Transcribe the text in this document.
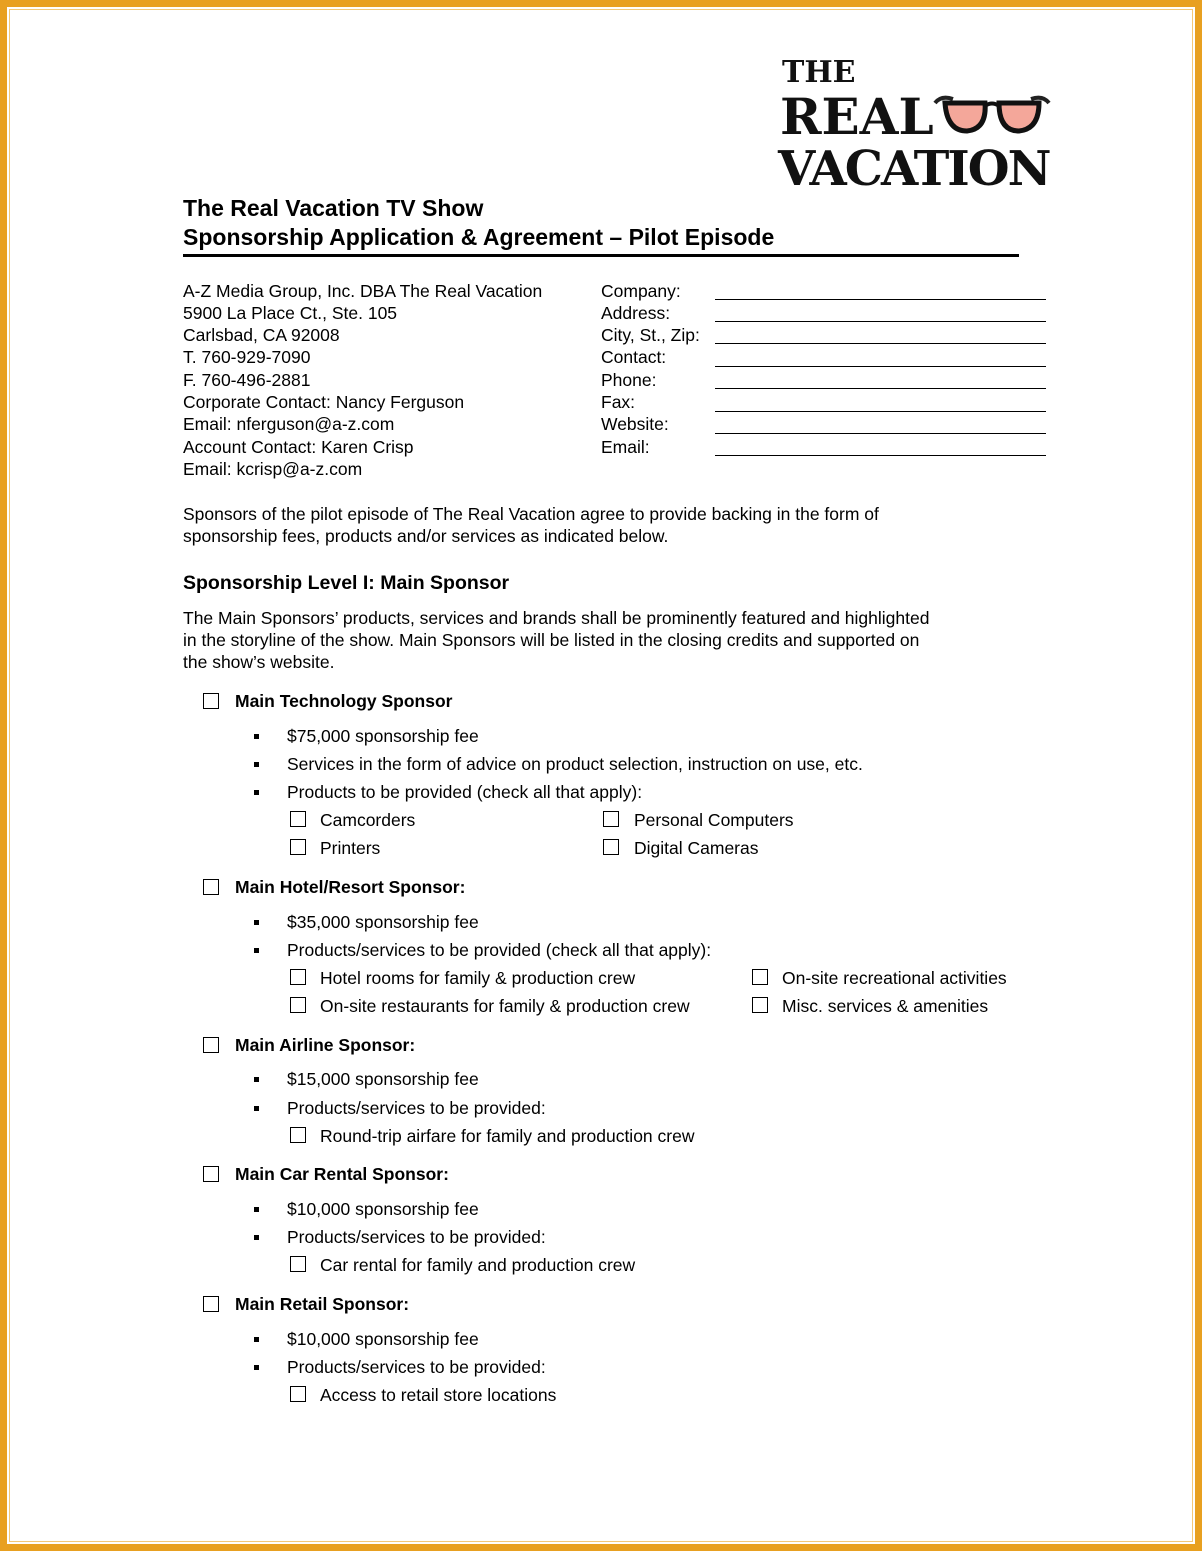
THE
REAL
VACATION
The Real Vacation TV Show
Sponsorship Application & Agreement – Pilot Episode
A-Z Media Group, Inc. DBA The Real Vacation
5900 La Place Ct., Ste. 105
Carlsbad, CA 92008
T. 760-929-7090
F. 760-496-2881
Corporate Contact: Nancy Ferguson
Email: nferguson@a-z.com
Account Contact: Karen Crisp
Email: kcrisp@a-z.com
Company:
Address:
City, St., Zip:
Contact:
Phone:
Fax:
Website:
Email:
Sponsors of the pilot episode of The Real Vacation agree to provide backing in the form of
sponsorship fees, products and/or services as indicated below.
Sponsorship Level I: Main Sponsor
The Main Sponsors’ products, services and brands shall be prominently featured and highlighted
in the storyline of the show. Main Sponsors will be listed in the closing credits and supported on
the show’s website.
Main Technology Sponsor
$75,000 sponsorship fee
Services in the form of advice on product selection, instruction on use, etc.
Products to be provided (check all that apply):
Camcorders	Personal Computers
Printers	Digital Cameras
Main Hotel/Resort Sponsor:
$35,000 sponsorship fee
Products/services to be provided (check all that apply):
Hotel rooms for family & production crew	On-site recreational activities
On-site restaurants for family & production crew	Misc. services & amenities
Main Airline Sponsor:
$15,000 sponsorship fee
Products/services to be provided:
Round-trip airfare for family and production crew
Main Car Rental Sponsor:
$10,000 sponsorship fee
Products/services to be provided:
Car rental for family and production crew
Main Retail Sponsor:
$10,000 sponsorship fee
Products/services to be provided:
Access to retail store locations
